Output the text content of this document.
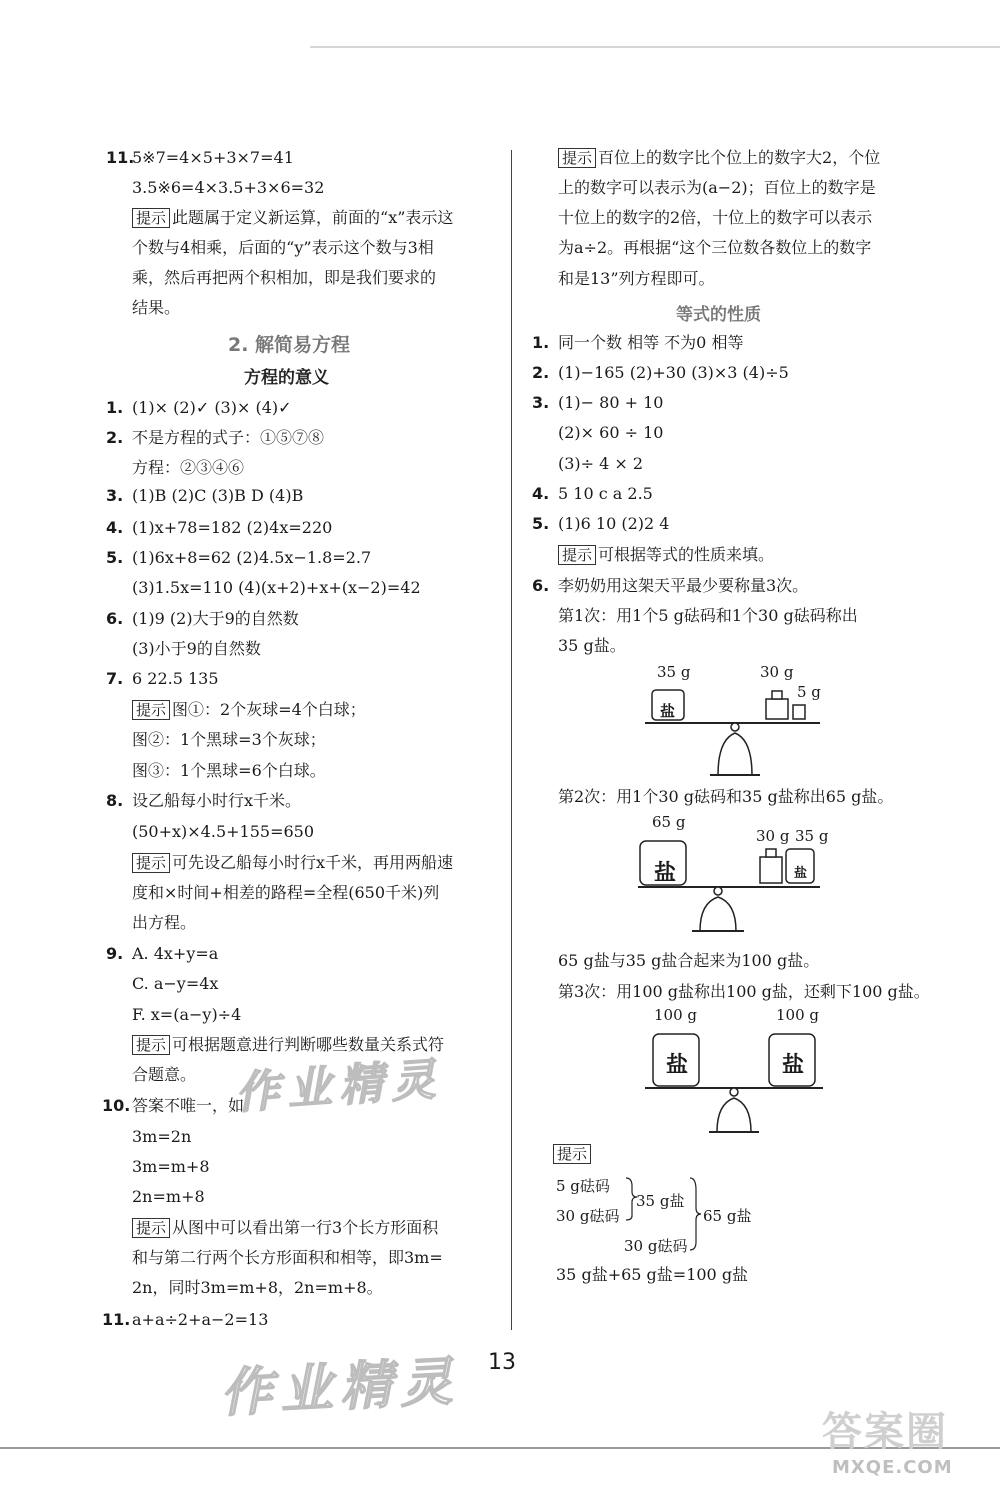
11.5※7=4×5+3×7=41
3.5※6=4×3.5+3×6=32
提示 此题属于定义新运算，前面的“x”表示这
个数与4相乘，后面的“y”表示这个数与3相
乘，然后再把两个积相加，即是我们要求的
结果。
2. 解简易方程
方程的意义
1. (1)× (2)✓ (3)× (4)✓
2. 不是方程的式子：①⑤⑦⑧
方程：②③④⑥
3. (1)B (2)C (3)B D (4)B
4. (1)x+78=182 (2)4x=220
5. (1)6x+8=62 (2)4.5x−1.8=2.7
(3)1.5x=110 (4)(x+2)+x+(x−2)=42
6. (1)9 (2)大于9的自然数
(3)小于9的自然数
7. 6 22.5 135
提示 图①：2个灰球=4个白球；
图②：1个黑球=3个灰球；
图③：1个黑球=6个白球。
8. 设乙船每小时行x千米。
(50+x)×4.5+155=650
提示 可先设乙船每小时行x千米，再用两船速
度和×时间+相差的路程=全程(650千米)列
出方程。
9. A. 4x+y=a
C. a−y=4x
F. x=(a−y)÷4
提示 可根据题意进行判断哪些数量关系式符
合题意。
10. 答案不唯一，如：
3m=2n
3m=m+8
2n=m+8
提示 从图中可以看出第一行3个长方形面积
和与第二行两个长方形面积和相等，即3m=
2n，同时3m=m+8，2n=m+8。
11. a+a÷2+a−2=13
作业精灵
作业精灵
提示 百位上的数字比个位上的数字大2，个位
上的数字可以表示为(a−2)；百位上的数字是
十位上的数字的2倍，十位上的数字可以表示
为a÷2。再根据“这个三位数各数位上的数字
和是13”列方程即可。
等式的性质
1. 同一个数 相等 不为0 相等
2. (1)−165 (2)+30 (3)×3 (4)÷5
3. (1)− 80 + 10
(2)× 60 ÷ 10
(3)÷ 4 × 2
4. 5 10 c a 2.5
5. (1)6 10 (2)2 4
提示 可根据等式的性质来填。
6. 李奶奶用这架天平最少要称量3次。
第1次：用1个5 g砝码和1个30 g砝码称出
35 g盐。
35 g	30 g
5 g
盐
第2次：用1个30 g砝码和35 g盐称出65 g盐。
65 g
30 g 35 g
盐	盐
65 g盐与35 g盐合起来为100 g盐。
第3次：用100 g盐称出100 g盐，还剩下100 g盐。
100 g	100 g
盐	盐
提示
5 g砝码
30 g砝码
35 g盐
65 g盐
30 g砝码
35 g盐+65 g盐=100 g盐
13
答案圈
MXQE.COM
